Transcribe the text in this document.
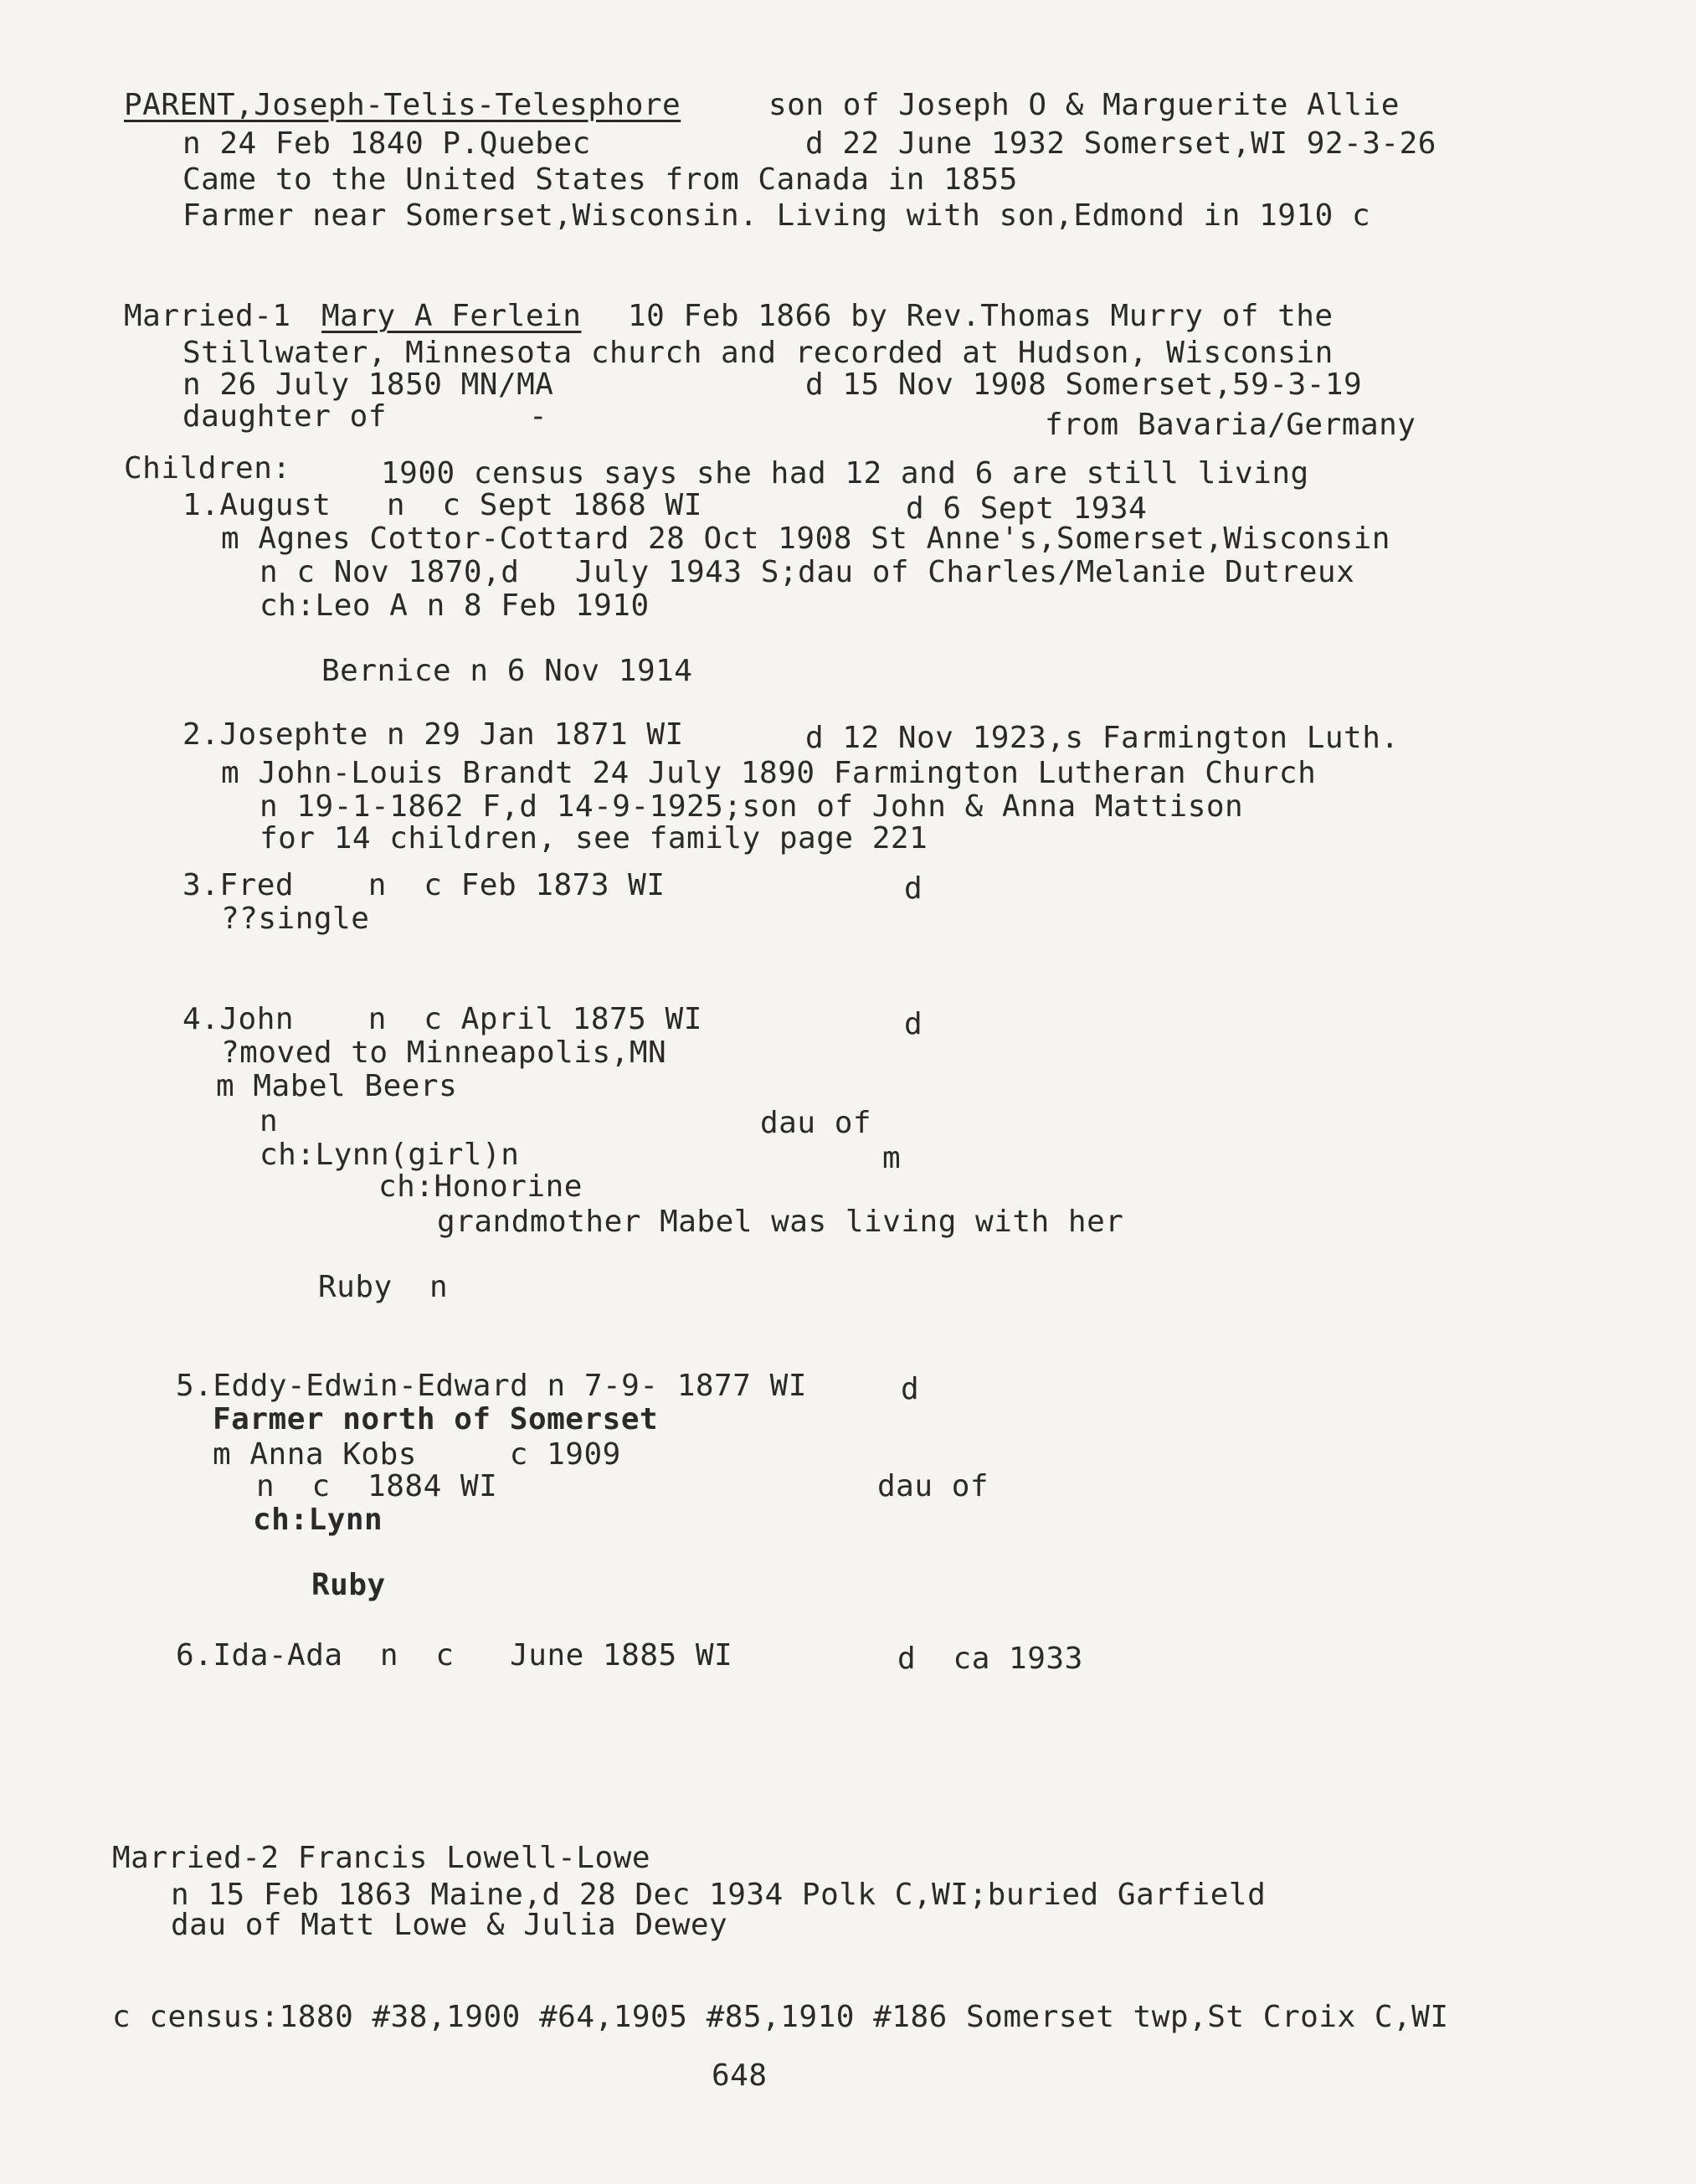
PARENT,Joseph-Telis-Telesphore	son of Joseph O & Marguerite Allie
n 24 Feb 1840 P.Quebec	d 22 June 1932 Somerset,WI 92-3-26
Came to the United States from Canada in 1855
Farmer near Somerset,Wisconsin. Living with son,Edmond in 1910 c
Married-1 Mary A Ferlein 10 Feb 1866 by Rev.Thomas Murry of the
Stillwater, Minnesota church and recorded at Hudson, Wisconsin
n 26 July 1850 MN/MA	d 15 Nov 1908 Somerset,59-3-19
daughter of	-	from Bavaria/Germany
Children:	1900 census says she had 12 and 6 are still living
1.August   n  c Sept 1868 WI	d 6 Sept 1934
m Agnes Cottor-Cottard 28 Oct 1908 St Anne's,Somerset,Wisconsin
n c Nov 1870,d   July 1943 S;dau of Charles/Melanie Dutreux
ch:Leo A n 8 Feb 1910
Bernice n 6 Nov 1914
2.Josephte n 29 Jan 1871 WI	d 12 Nov 1923,s Farmington Luth.
m John-Louis Brandt 24 July 1890 Farmington Lutheran Church
n 19-1-1862 F,d 14-9-1925;son of John & Anna Mattison
for 14 children, see family page 221
3.Fred    n  c Feb 1873 WI	d
??single
4.John    n  c April 1875 WI	d
?moved to Minneapolis,MN
m Mabel Beers
n	dau of
ch:Lynn(girl)n	m
ch:Honorine
grandmother Mabel was living with her
Ruby  n
5.Eddy-Edwin-Edward n 7-9- 1877 WI	d
Farmer north of Somerset
m Anna Kobs     c 1909
n  c  1884 WI	dau of
ch:Lynn
Ruby
6.Ida-Ada  n  c   June 1885 WI	d  ca 1933
Married-2 Francis Lowell-Lowe
n 15 Feb 1863 Maine,d 28 Dec 1934 Polk C,WI;buried Garfield
dau of Matt Lowe & Julia Dewey
c census:1880 #38,1900 #64,1905 #85,1910 #186 Somerset twp,St Croix C,WI
648
